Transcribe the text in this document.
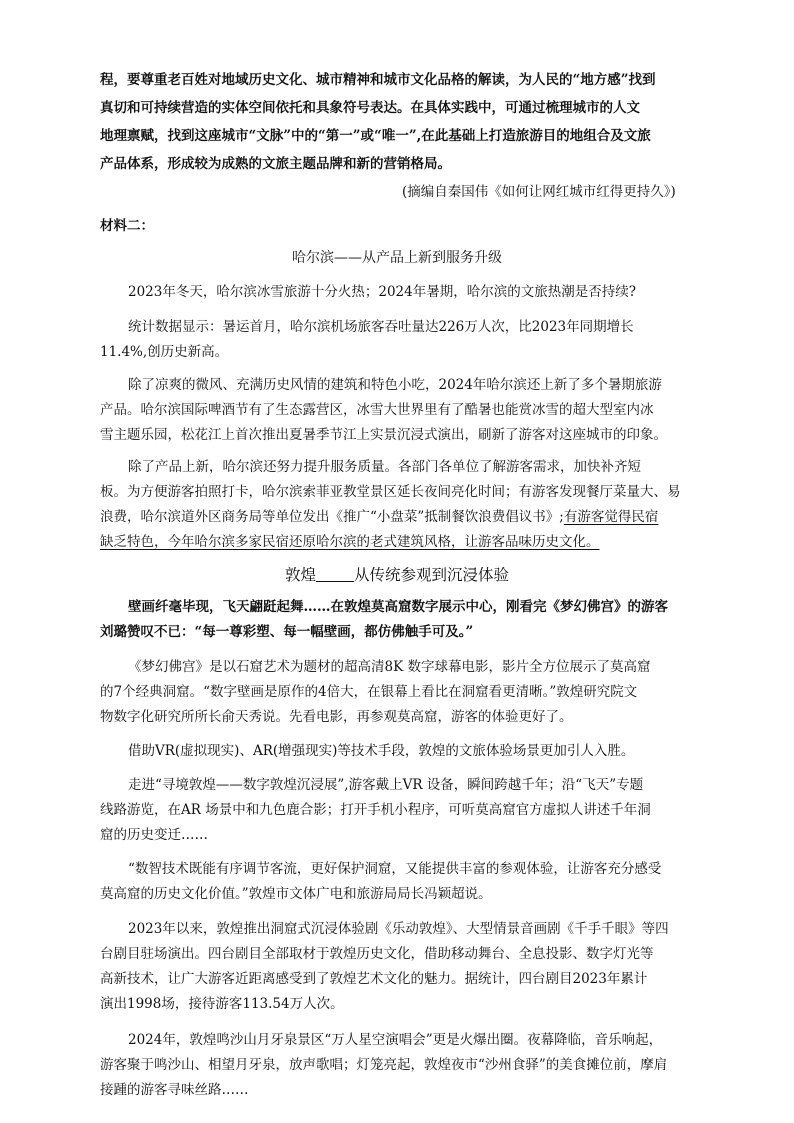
程，要尊重老百姓对地域历史文化、城市精神和城市文化品格的解读，为人民的“地方感”找到
真切和可持续营造的实体空间依托和具象符号表达。在具体实践中，可通过梳理城市的人文
地理禀赋，找到这座城市“文脉”中的“第一”或“唯一”,在此基础上打造旅游目的地组合及文旅
产品体系，形成较为成熟的文旅主题品牌和新的营销格局。
(摘编自秦国伟《如何让网红城市红得更持久》)
材料二：
哈尔滨——从产品上新到服务升级
2023年冬天，哈尔滨冰雪旅游十分火热；2024年暑期，哈尔滨的文旅热潮是否持续?
统计数据显示：暑运首月，哈尔滨机场旅客吞吐量达226万人次，比2023年同期增长
11.4%,创历史新高。
除了凉爽的微风、充满历史风情的建筑和特色小吃，2024年哈尔滨还上新了多个暑期旅游
产品。哈尔滨国际啤酒节有了生态露营区，冰雪大世界里有了酷暑也能赏冰雪的超大型室内冰
雪主题乐园，松花江上首次推出夏暑季节江上实景沉浸式演出，刷新了游客对这座城市的印象。
除了产品上新，哈尔滨还努力提升服务质量。各部门各单位了解游客需求，加快补齐短
板。为方便游客拍照打卡，哈尔滨索菲亚教堂景区延长夜间亮化时间；有游客发现餐厅菜量大、易
浪费，哈尔滨道外区商务局等单位发出《推广“小盘菜”抵制餐饮浪费倡议书》;有游客觉得民宿
缺乏特色，今年哈尔滨多家民宿还原哈尔滨的老式建筑风格，让游客品味历史文化。
敦煌 从传统参观到沉浸体验
壁画纤毫毕现，飞天翩跹起舞……在敦煌莫高窟数字展示中心，刚看完《梦幻佛宫》的游客
刘璐赞叹不已：“每一尊彩塑、每一幅壁画，都仿佛触手可及。”
《梦幻佛宫》是以石窟艺术为题材的超高清8K 数字球幕电影，影片全方位展示了莫高窟
的7个经典洞窟。“数字壁画是原作的4倍大，在银幕上看比在洞窟看更清晰。”敦煌研究院文
物数字化研究所所长俞天秀说。先看电影，再参观莫高窟，游客的体验更好了。
借助VR(虚拟现实)、AR(增强现实)等技术手段，敦煌的文旅体验场景更加引人入胜。
走进“寻境敦煌——数字敦煌沉浸展”,游客戴上VR 设备，瞬间跨越千年；沿“飞天”专题
线路游览，在AR 场景中和九色鹿合影；打开手机小程序，可听莫高窟官方虚拟人讲述千年洞
窟的历史变迁……
“数智技术既能有序调节客流，更好保护洞窟，又能提供丰富的参观体验，让游客充分感受
莫高窟的历史文化价值。”敦煌市文体广电和旅游局局长冯颖超说。
2023年以来，敦煌推出洞窟式沉浸体验剧《乐动敦煌》、大型情景音画剧《千手千眼》等四
台剧目驻场演出。四台剧目全部取材于敦煌历史文化，借助移动舞台、全息投影、数字灯光等
高新技术，让广大游客近距离感受到了敦煌艺术文化的魅力。据统计，四台剧目2023年累计
演出1998场，接待游客113.54万人次。
2024年，敦煌鸣沙山月牙泉景区“万人星空演唱会”更是火爆出圈。夜幕降临，音乐响起，
游客聚于鸣沙山、相望月牙泉，放声歌唱；灯笼亮起，敦煌夜市“沙州食驿”的美食摊位前，摩肩
接踵的游客寻味丝路……
